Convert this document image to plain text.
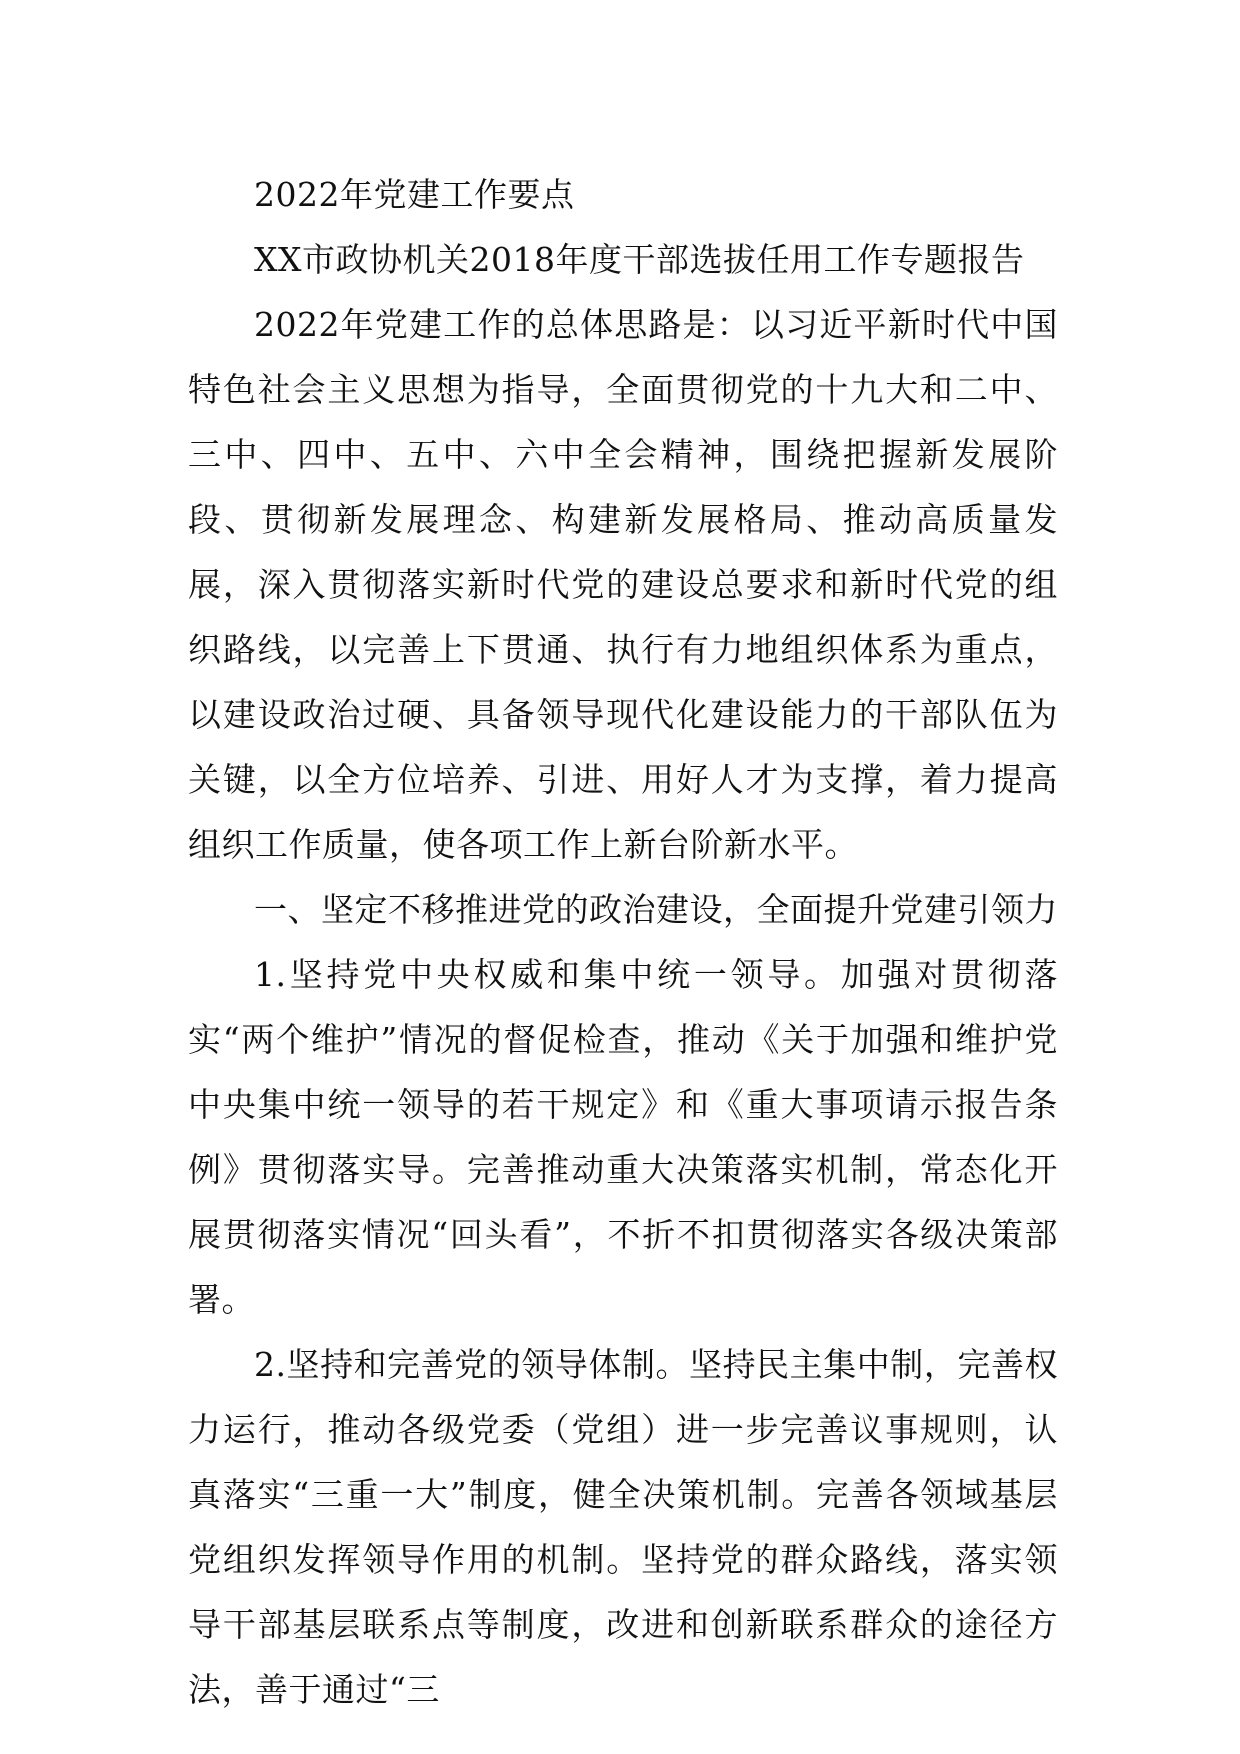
2022年党建工作要点

XX市政协机关2018年度干部选拔任用工作专题报告

2022年党建工作的总体思路是：以习近平新时代中国特色社会主义思想为指导，全面贯彻党的十九大和二中、三中、四中、五中、六中全会精神，围绕把握新发展阶段、贯彻新发展理念、构建新发展格局、推动高质量发展，深入贯彻落实新时代党的建设总要求和新时代党的组织路线，以完善上下贯通、执行有力地组织体系为重点，以建设政治过硬、具备领导现代化建设能力的干部队伍为关键，以全方位培养、引进、用好人才为支撑，着力提高组织工作质量，使各项工作上新台阶新水平。

一、坚定不移推进党的政治建设，全面提升党建引领力

1.坚持党中央权威和集中统一领导。加强对贯彻落实“两个维护”情况的督促检查，推动《关于加强和维护党中央集中统一领导的若干规定》和《重大事项请示报告条例》贯彻落实导。完善推动重大决策落实机制，常态化开展贯彻落实情况“回头看”，不折不扣贯彻落实各级决策部署。

2.坚持和完善党的领导体制。坚持民主集中制，完善权力运行，推动各级党委（党组）进一步完善议事规则，认真落实“三重一大”制度，健全决策机制。完善各领域基层党组织发挥领导作用的机制。坚持党的群众路线，落实领导干部基层联系点等制度，改进和创新联系群众的途径方法，善于通过“三
